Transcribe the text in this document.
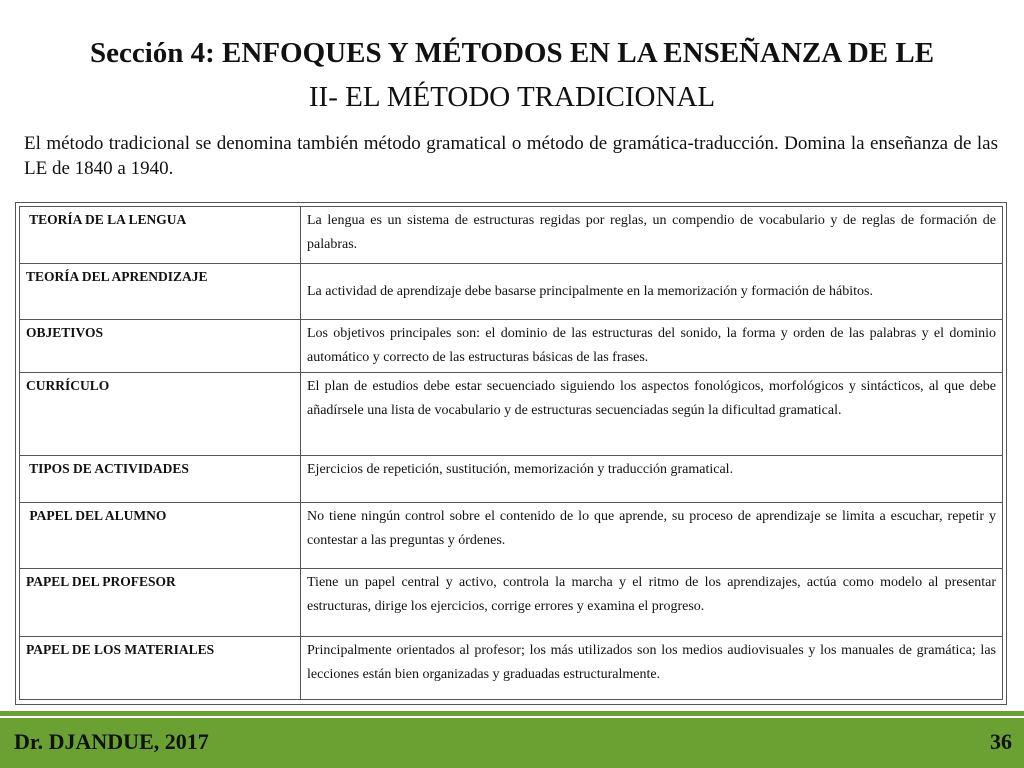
Sección 4: ENFOQUES Y MÉTODOS EN LA ENSEÑANZA DE LE
II- EL MÉTODO TRADICIONAL
El método tradicional se denomina también método gramatical o método de gramática-traducción. Domina la enseñanza de las LE de 1840 a 1940.
TEORÍA DE LA LENGUA	La lengua es un sistema de estructuras regidas por reglas, un compendio de vocabulario y de reglas de formación de palabras.
TEORÍA DEL APRENDIZAJE	La actividad de aprendizaje debe basarse principalmente en la memorización y formación de hábitos.
OBJETIVOS	Los objetivos principales son: el dominio de las estructuras del sonido, la forma y orden de las palabras y el dominio automático y correcto de las estructuras básicas de las frases.
CURRÍCULO	El plan de estudios debe estar secuenciado siguiendo los aspectos fonológicos, morfológicos y sintácticos, al que debe añadírsele una lista de vocabulario y de estructuras secuenciadas según la dificultad gramatical.
TIPOS DE ACTIVIDADES	Ejercicios de repetición, sustitución, memorización y traducción gramatical.
PAPEL DEL ALUMNO	No tiene ningún control sobre el contenido de lo que aprende, su proceso de aprendizaje se limita a escuchar, repetir y contestar a las preguntas y órdenes.
PAPEL DEL PROFESOR	Tiene un papel central y activo, controla la marcha y el ritmo de los aprendizajes, actúa como modelo al presentar estructuras, dirige los ejercicios, corrige errores y examina el progreso.
PAPEL DE LOS MATERIALES	Principalmente orientados al profesor; los más utilizados son los medios audiovisuales y los manuales de gramática; las lecciones están bien organizadas y graduadas estructuralmente.
Dr. DJANDUE, 2017	36
